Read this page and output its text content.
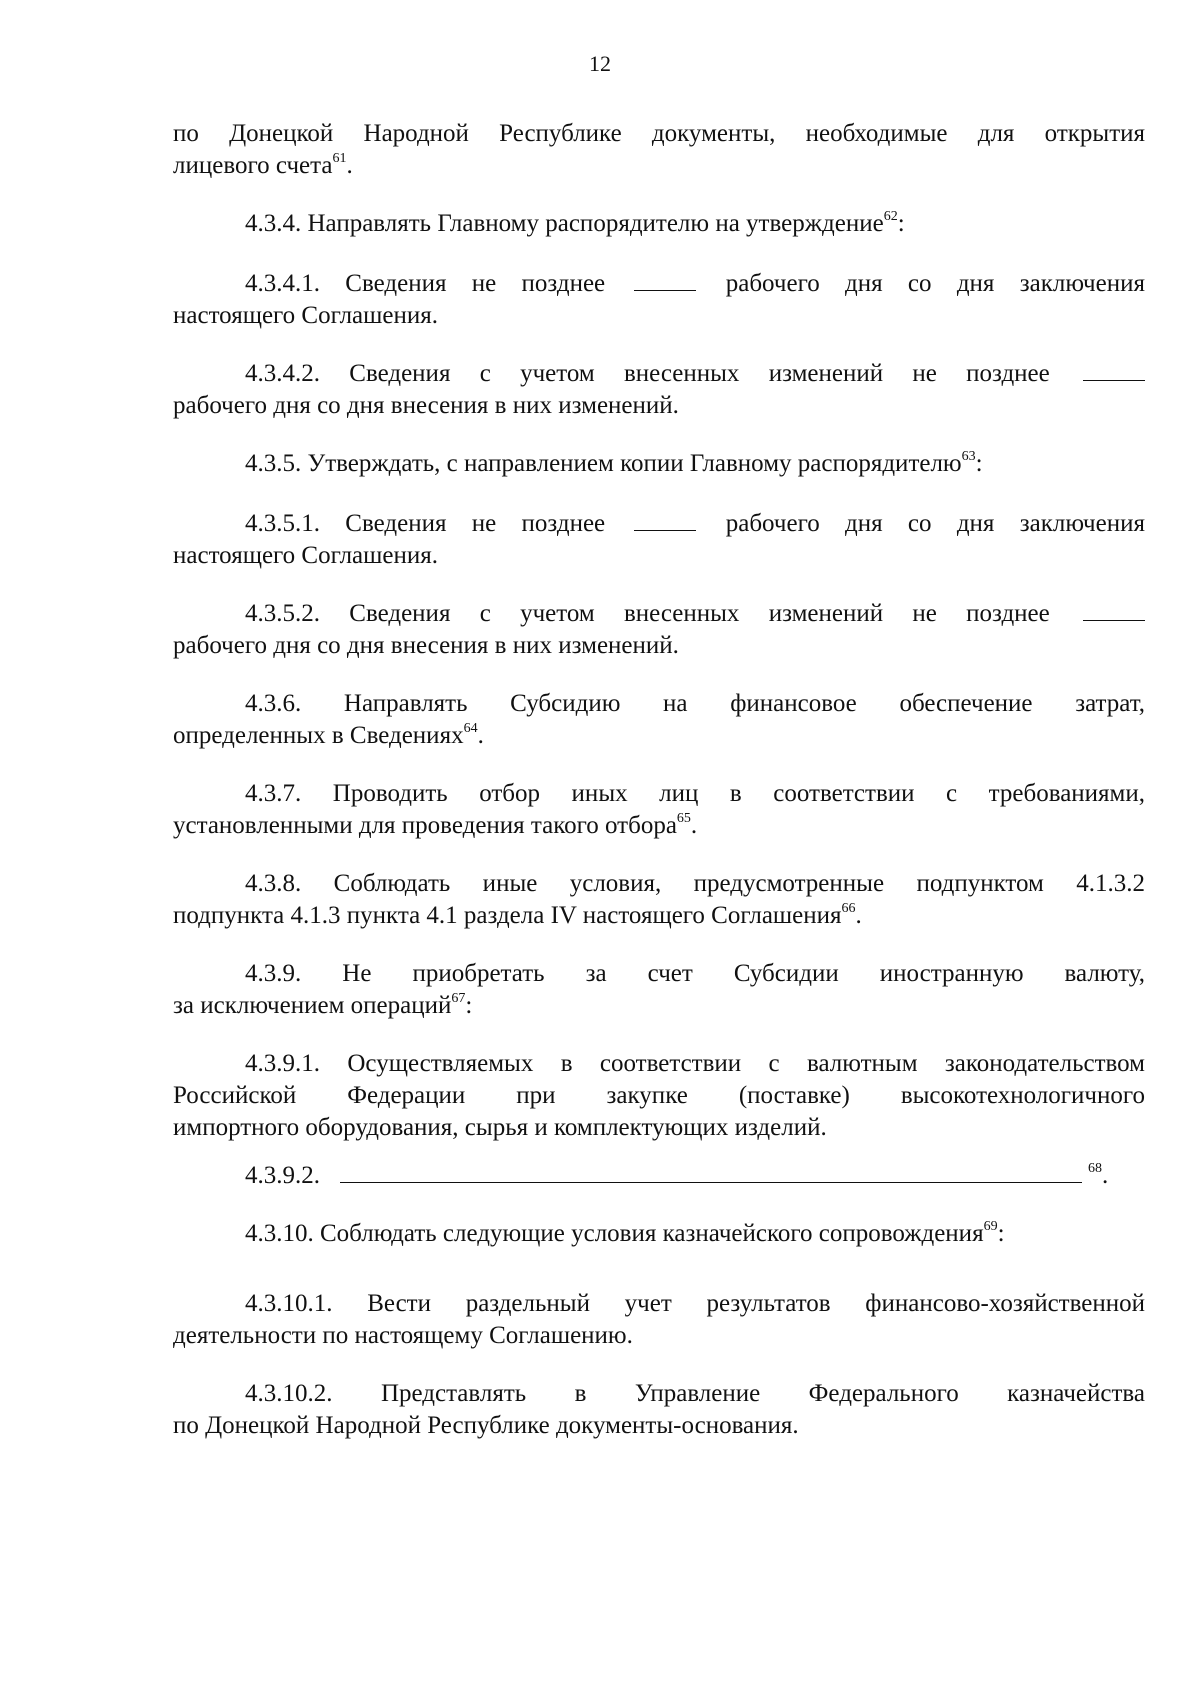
12
по Донецкой Народной Республике документы, необходимые для открытия
лицевого счета$^{61}$.
4.3.4. Направлять Главному распорядителю на утверждение$^{62}$:
4.3.4.1. Сведения не позднее	рабочего дня со дня заключения
настоящего Соглашения.
4.3.4.2. Сведения с учетом внесенных изменений не позднее
рабочего дня со дня внесения в них изменений.
4.3.5. Утверждать, с направлением копии Главному распорядителю$^{63}$:
4.3.5.1. Сведения не позднее	рабочего дня со дня заключения
настоящего Соглашения.
4.3.5.2. Сведения с учетом внесенных изменений не позднее
рабочего дня со дня внесения в них изменений.
4.3.6. Направлять Субсидию на финансовое обеспечение затрат,
определенных в Сведениях$^{64}$.
4.3.7. Проводить отбор иных лиц в соответствии с требованиями,
установленными для проведения такого отбора$^{65}$.
4.3.8. Соблюдать иные условия, предусмотренные подпунктом 4.1.3.2
подпункта 4.1.3 пункта 4.1 раздела IV настоящего Соглашения$^{66}$.
4.3.9. Не приобретать за счет Субсидии иностранную валюту,
за исключением операций$^{67}$:
4.3.9.1. Осуществляемых в соответствии с валютным законодательством
Российской Федерации при закупке (поставке) высокотехнологичного
импортного оборудования, сырья и комплектующих изделий.
4.3.9.2.	$^{68}$.
4.3.10. Соблюдать следующие условия казначейского сопровождения$^{69}$:
4.3.10.1. Вести раздельный учет результатов финансово-хозяйственной
деятельности по настоящему Соглашению.
4.3.10.2. Представлять в Управление Федерального казначейства
по Донецкой Народной Республике документы-основания.
